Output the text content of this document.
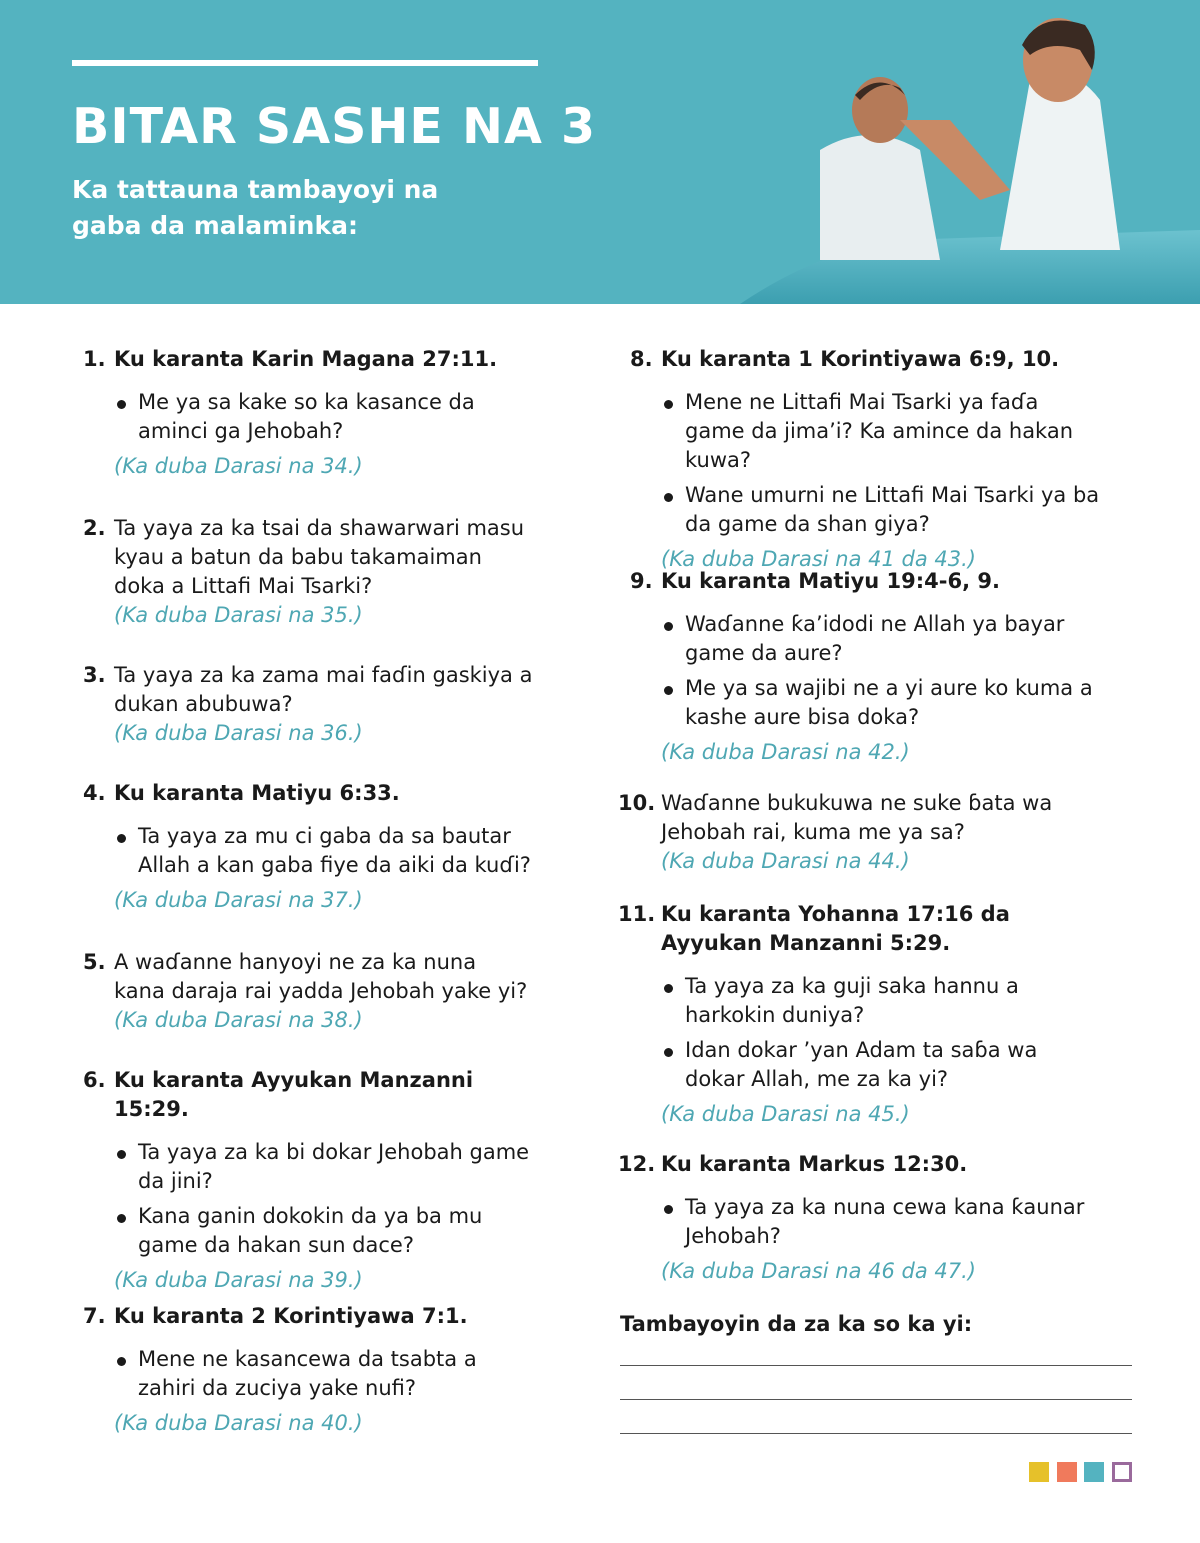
BITAR SASHE NA 3
Ka tattauna tambayoyi na gaba da malaminka:
1. Ku karanta Karin Magana 27:11.
Me ya sa kake so ka kasance da aminci ga Jehobah?
(Ka duba Darasi na 34.)
2. Ta yaya za ka tsai da shawarwari masu kyau a batun da babu takamaiman doka a Littafi Mai Tsarki?
(Ka duba Darasi na 35.)
3. Ta yaya za ka zama mai faɗin gaskiya a dukan abubuwa?
(Ka duba Darasi na 36.)
4. Ku karanta Matiyu 6:33.
Ta yaya za mu ci gaba da sa bautar Allah a kan gaba fiye da aiki da kuɗi?
(Ka duba Darasi na 37.)
5. A waɗanne hanyoyi ne za ka nuna kana daraja rai yadda Jehobah yake yi?
(Ka duba Darasi na 38.)
6. Ku karanta Ayyukan Manzanni 15:29.
Ta yaya za ka bi dokar Jehobah game da jini?
Kana ganin dokokin da ya ba mu game da hakan sun dace?
(Ka duba Darasi na 39.)
7. Ku karanta 2 Korintiyawa 7:1.
Mene ne kasancewa da tsabta a zahiri da zuciya yake nufi?
(Ka duba Darasi na 40.)
8. Ku karanta 1 Korintiyawa 6:9, 10.
Mene ne Littafi Mai Tsarki ya faɗa game da jima’i? Ka amince da hakan kuwa?
Wane umurni ne Littafi Mai Tsarki ya ba da game da shan giya?
(Ka duba Darasi na 41 da 43.)
9. Ku karanta Matiyu 19:4-6, 9.
Waɗanne ƙa’idodi ne Allah ya bayar game da aure?
Me ya sa wajibi ne a yi aure ko kuma a kashe aure bisa doka?
(Ka duba Darasi na 42.)
10. Waɗanne bukukuwa ne suke ɓata wa Jehobah rai, kuma me ya sa?
(Ka duba Darasi na 44.)
11. Ku karanta Yohanna 17:16 da Ayyukan Manzanni 5:29.
Ta yaya za ka guji saka hannu a harkokin duniya?
Idan dokar ’yan Adam ta saɓa wa dokar Allah, me za ka yi?
(Ka duba Darasi na 45.)
12. Ku karanta Markus 12:30.
Ta yaya za ka nuna cewa kana ƙaunar Jehobah?
(Ka duba Darasi na 46 da 47.)
Tambayoyin da za ka so ka yi:
